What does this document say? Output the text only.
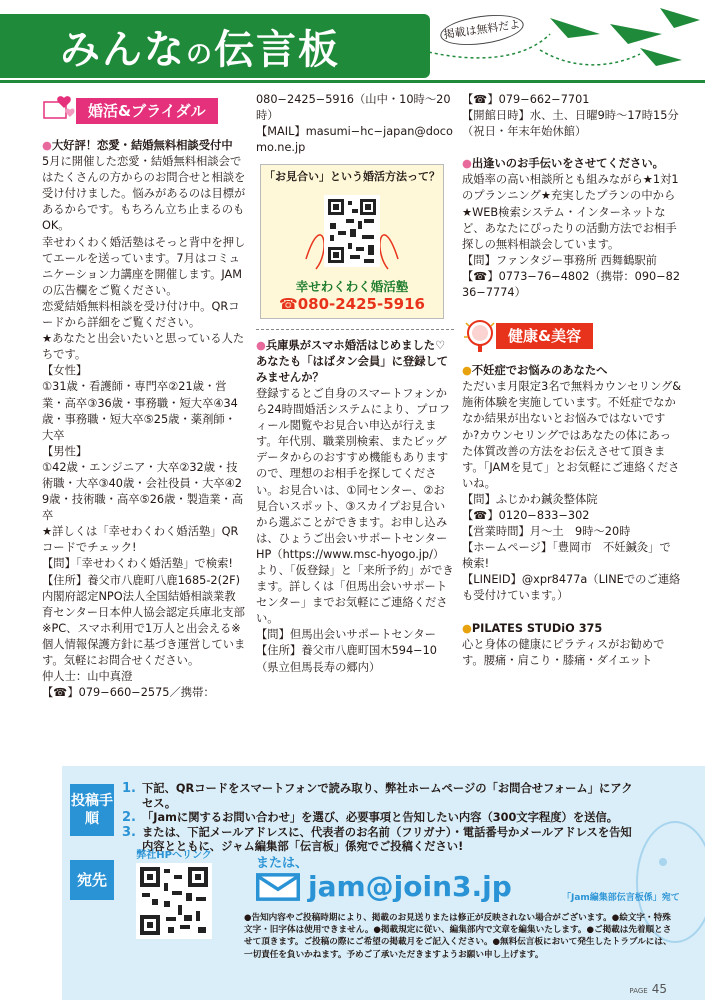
みんなの伝言板	掲載は無料だよ
婚活&ブライダル

●大好評！恋愛・結婚無料相談受付中

5月に開催した恋愛・結婚無料相談会ではたくさんの方からのお問合せと相談を受け付けました。悩みがあるのは目標があるからです。もちろん立ち止まるのもOK。

幸せわくわく婚活塾はそっと背中を押してエールを送っています。7月はコミュニケーション力講座を開催します。JAMの広告欄をご覧ください。

恋愛結婚無料相談を受け付け中。QRコードから詳細をご覧ください。

★あなたと出会いたいと思っている人たちです。

【女性】

①31歳・看護師・専門卒②21歳・営業・高卒③36歳・事務職・短大卒④34歳・事務職・短大卒⑤25歳・薬剤師・大卒

【男性】

①42歳・エンジニア・大卒②32歳・技術職・大卒③40歳・会社役員・大卒④29歳・技術職・高卒⑤26歳・製造業・高卒

★詳しくは「幸せわくわく婚活塾」QRコードでチェック!

【問】「幸せわくわく婚活塾」で検索!

【住所】養父市八鹿町八鹿1685-2(2F)内閣府認定NPO法人全国結婚相談業教育センター日本仲人協会認定兵庫北支部

※PC、スマホ利用で1万人と出会える※個人情報保護方針に基づき運営しています。気軽にお問合せください。

仲人士：山中真澄

【☎】079−660−2575／携帯：

080−2425−5916（山中・10時〜20時）

【MAIL】masumi−hc−japan@docomo.ne.jp

「お見合い」という婚活方法って？
幸せわくわく婚活塾
☎080-2425-5916

●兵庫県がスマホ婚活はじめました♡あなたも「はばタン会員」に登録してみませんか？

登録するとご自身のスマートフォンから24時間婚活システムにより、プロフィール閲覧やお見合い申込が行えます。年代別、職業別検索、またビッグデータからのおすすめ機能もありますので、理想のお相手を探してください。お見合いは、①同センター、②お見合いスポット、③スカイプお見合いから選ぶことができます。お申し込みは、ひょうご出会いサポートセンターHP（https://www.msc-hyogo.jp/）より、「仮登録」と「来所予約」ができます。詳しくは「但馬出会いサポートセンター」までお気軽にご連絡ください。

【問】但馬出会いサポートセンター

【住所】養父市八鹿町国木594−10（県立但馬長寿の郷内）

【☎】079−662−7701

【開館日時】水、土、日曜9時〜17時15分（祝日・年末年始休館）

●出逢いのお手伝いをさせてください。

成婚率の高い相談所とも組みながら★1対1のプランニング★充実したプランの中から★WEB検索システム・インターネットなど、あなたにぴったりの活動方法でお相手探しの無料相談会しています。

【問】ファンタジー事務所 西舞鶴駅前

【☎】0773−76−4802（携帯：090−8236−7774）

健康&美容

●不妊症でお悩みのあなたへ

ただいま月限定3名で無料カウンセリング&施術体験を実施しています。不妊症でなかなか結果が出ないとお悩みではないですか?カウンセリングではあなたの体にあった体質改善の方法をお伝えさせて頂きます。「JAMを見て」とお気軽にご連絡くださいね。

【問】ふじかわ鍼灸整体院

【☎】0120−833−302

【営業時間】月〜土　9時〜20時

【ホームページ】「豊岡市　不妊鍼灸」で検索!

【LINEID】@xpr8477a（LINEでのご連絡も受付けています。）

●PILATES STUDiO 375

心と身体の健康にピラティスがお勧めです。腰痛・肩こり・膝痛・ダイエット

投稿手順
1. 下記、QRコードをスマートフォンで読み取り、弊社ホームページの「お問合せフォーム」にアクセス。
2. 「Jamに関するお問い合わせ」を選び、必要事項と告知したい内容（300文字程度）を送信。
3. または、下記メールアドレスに、代表者のお名前（フリガナ）・電話番号かメールアドレスを告知内容とともに、ジャム編集部「伝言板」係宛でご投稿ください!
宛先
弊社HPへリンク
または、
jam@join3.jp	「Jam編集部伝言板係」宛て

●告知内容やご投稿時期により、掲載のお見送りまたは修正が反映されない場合がございます。●絵文字・特殊文字・旧字体は使用できません。●掲載規定に従い、編集部内で文章を編集いたします。●ご掲載は先着順とさせて頂きます。ご投稿の際にご希望の掲載月をご記入ください。●無料伝言板において発生したトラブルには、一切責任を負いかねます。予めご了承いただきますようお願い申し上げます。

PAGE 45
